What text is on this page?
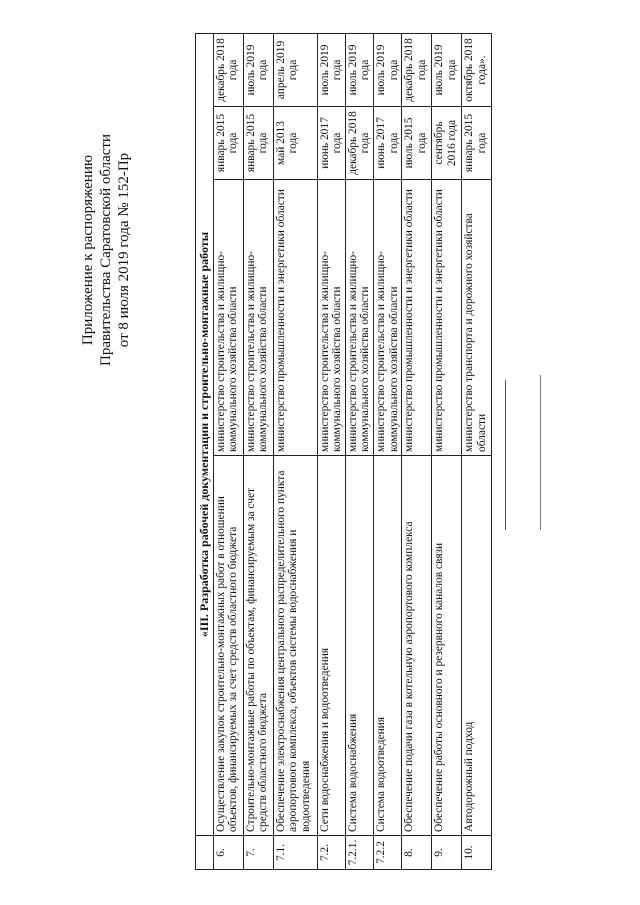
Приложение к распоряжению Правительства Саратовской области от 8 июля 2019 года № 152-Пр
		«III. Разработка рабочей документации и строительно-монтажные работы			
6.	Осуществление закупок строительно-монтажных работ в отношении объектов, финансируемых за счет средств областного бюджета	министерство строительства и жилищно-коммунального хозяйства области	январь 2015 года	декабрь 2018 года
7.	Строительно-монтажные работы по объектам, финансируемым за счет средств областного бюджета	министерство строительства и жилищно-коммунального хозяйства области	январь 2015 года	июль 2019 года
7.1.	Обеспечение электроснабжения центрального распределительного пункта аэропортового комплекса, объектов системы водоснабжения и водоотведения	министерство промышленности и энергетики области	май 2013 года	апрель 2019 года
7.2.	Сети водоснабжения и водоотведения	министерство строительства и жилищно-коммунального хозяйства области	июнь 2017 года	июль 2019 года
7.2.1.	Система водоснабжения	министерство строительства и жилищно-коммунального хозяйства области	декабрь 2018 года	июль 2019 года
7.2.2	Система водоотведения	министерство строительства и жилищно-коммунального хозяйства области	июнь 2017 года	июль 2019 года
8.	Обеспечение подачи газа в котельную аэропортового комплекса	министерство промышленности и энергетики области	июль 2015 года	декабрь 2018 года
9.	Обеспечение работы основного и резервного каналов связи	министерство промышленности и энергетики области	сентябрь 2016 года	июль 2019 года
10.	Автодорожный подход	министерство транспорта и дорожного хозяйства области	январь 2015 года	октябрь 2018 года».
